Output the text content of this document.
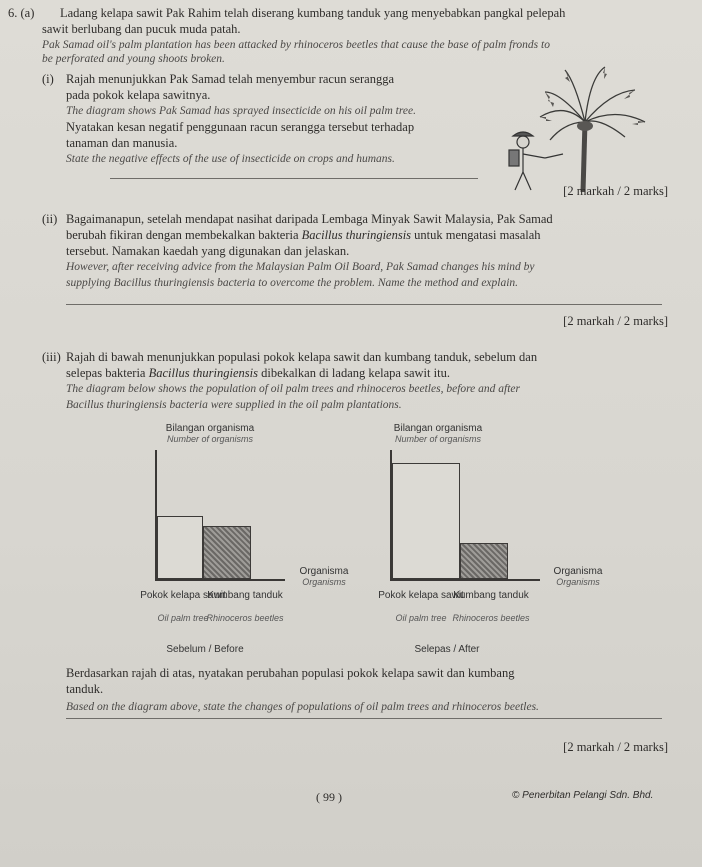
6. (a) Ladang kelapa sawit Pak Rahim telah diserang kumbang tanduk yang menyebabkan pangkal pelepah
sawit berlubang dan pucuk muda patah.
Pak Samad oil's palm plantation has been attacked by rhinoceros beetles that cause the base of palm fronds to
be perforated and young shoots broken.
(i) Rajah menunjukkan Pak Samad telah menyembur racun serangga
pada pokok kelapa sawitnya.
The diagram shows Pak Samad has sprayed insecticide on his oil palm tree.
Nyatakan kesan negatif penggunaan racun serangga tersebut terhadap
tanaman dan manusia.
State the negative effects of the use of insecticide on crops and humans.
[2 markah / 2 marks]
(ii) Bagaimanapun, setelah mendapat nasihat daripada Lembaga Minyak Sawit Malaysia, Pak Samad
berubah fikiran dengan membekalkan bakteria Bacillus thuringiensis untuk mengatasi masalah
tersebut. Namakan kaedah yang digunakan dan jelaskan.
However, after receiving advice from the Malaysian Palm Oil Board, Pak Samad changes his mind by
supplying Bacillus thuringiensis bacteria to overcome the problem. Name the method and explain.
[2 markah / 2 marks]
(iii) Rajah di bawah menunjukkan populasi pokok kelapa sawit dan kumbang tanduk, sebelum dan
selepas bakteria Bacillus thuringiensis dibekalkan di ladang kelapa sawit itu.
The diagram below shows the population of oil palm trees and rhinoceros beetles, before and after
Bacillus thuringiensis bacteria were supplied in the oil palm plantations.
Bilangan organisma
Number of organisms
Organisma
Organisms
Pokok kelapa sawit
Oil palm tree
Kumbang tanduk
Rhinoceros beetles
Sebelum / Before
Bilangan organisma
Number of organisms
Organisma
Organisms
Pokok kelapa sawit
Oil palm tree
Kumbang tanduk
Rhinoceros beetles
Selepas / After
Berdasarkan rajah di atas, nyatakan perubahan populasi pokok kelapa sawit dan kumbang
tanduk.
Based on the diagram above, state the changes of populations of oil palm trees and rhinoceros beetles.
[2 markah / 2 marks]
( 99 )	© Penerbitan Pelangi Sdn. Bhd.
